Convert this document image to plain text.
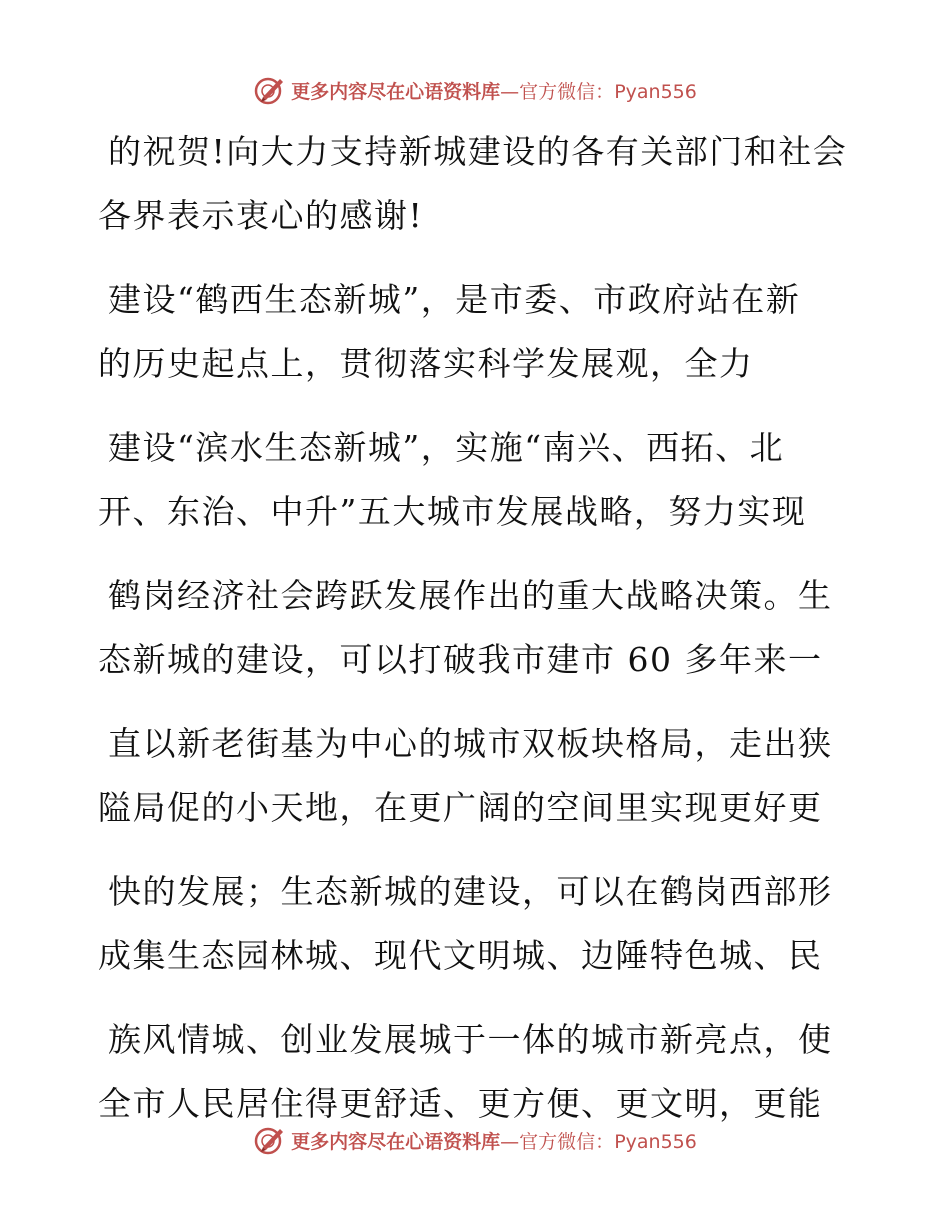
更多内容尽在心语资料库—官方微信：Pyan556
的祝贺!向大力支持新城建设的各有关部门和社会
各界表示衷心的感谢!
建设“鹤西生态新城”，是市委、市政府站在新
的历史起点上，贯彻落实科学发展观，全力
建设“滨水生态新城”，实施“南兴、西拓、北
开、东治、中升”五大城市发展战略，努力实现
鹤岗经济社会跨跃发展作出的重大战略决策。生
态新城的建设，可以打破我市建市 60 多年来一
直以新老街基为中心的城市双板块格局，走出狭
隘局促的小天地，在更广阔的空间里实现更好更
快的发展；生态新城的建设，可以在鹤岗西部形
成集生态园林城、现代文明城、边陲特色城、民
族风情城、创业发展城于一体的城市新亮点，使
全市人民居住得更舒适、更方便、更文明，更能
更多内容尽在心语资料库—官方微信：Pyan556
